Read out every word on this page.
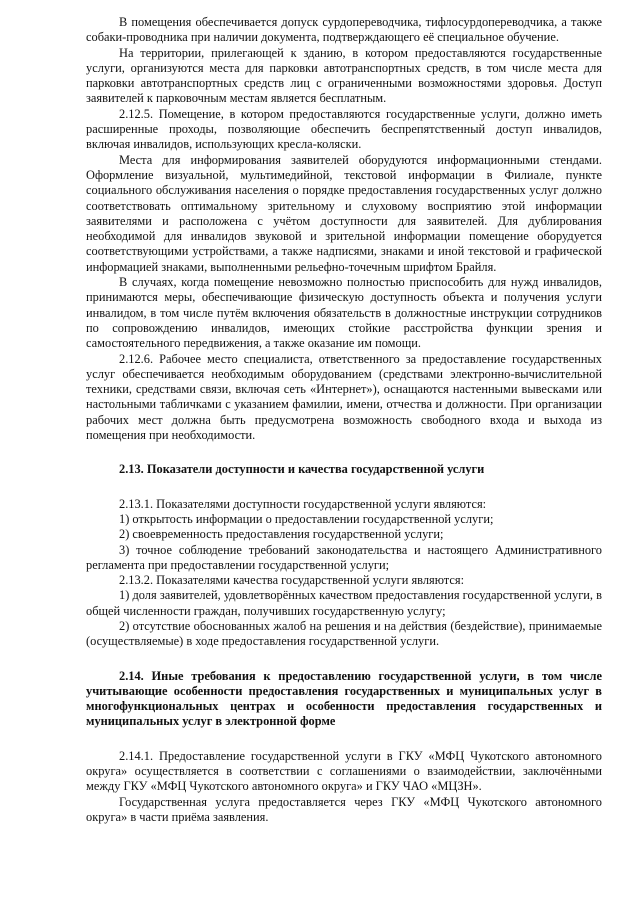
В помещения обеспечивается допуск сурдопереводчика, тифлосурдопереводчика, а также собаки-проводника при наличии документа, подтверждающего её специальное обучение.

На территории, прилегающей к зданию, в котором предоставляются государственные услуги, организуются места для парковки автотранспортных средств, в том числе места для парковки автотранспортных средств лиц с ограниченными возможностями здоровья. Доступ заявителей к парковочным местам является бесплатным.

2.12.5. Помещение, в котором предоставляются государственные услуги, должно иметь расширенные проходы, позволяющие обеспечить беспрепятственный доступ инвалидов, включая инвалидов, использующих кресла-коляски.

Места для информирования заявителей оборудуются информационными стендами. Оформление визуальной, мультимедийной, текстовой информации в Филиале, пункте социального обслуживания населения о порядке предоставления государственных услуг должно соответствовать оптимальному зрительному и слуховому восприятию этой информации заявителями и расположена с учётом доступности для заявителей. Для дублирования необходимой для инвалидов звуковой и зрительной информации помещение оборудуется соответствующими устройствами, а также надписями, знаками и иной текстовой и графической информацией знаками, выполненными рельефно-точечным шрифтом Брайля.

В случаях, когда помещение невозможно полностью приспособить для нужд инвалидов, принимаются меры, обеспечивающие физическую доступность объекта и получения услуги инвалидом, в том числе путём включения обязательств в должностные инструкции сотрудников по сопровождению инвалидов, имеющих стойкие расстройства функции зрения и самостоятельного передвижения, а также оказание им помощи.

2.12.6. Рабочее место специалиста, ответственного за предоставление государственных услуг обеспечивается необходимым оборудованием (средствами электронно-вычислительной техники, средствами связи, включая сеть «Интернет»), оснащаются настенными вывесками или настольными табличками с указанием фамилии, имени, отчества и должности. При организации рабочих мест должна быть предусмотрена возможность свободного входа и выхода из помещения при необходимости.

2.13. Показатели доступности и качества государственной услуги

2.13.1. Показателями доступности государственной услуги являются:

1) открытость информации о предоставлении государственной услуги;

2) своевременность предоставления государственной услуги;

3) точное соблюдение требований законодательства и настоящего Административного регламента при предоставлении государственной услуги;

2.13.2. Показателями качества государственной услуги являются:

1) доля заявителей, удовлетворённых качеством предоставления государственной услуги, в общей численности граждан, получивших государственную услугу;

2) отсутствие обоснованных жалоб на решения и на действия (бездействие), принимаемые (осуществляемые) в ходе предоставления государственной услуги.

2.14. Иные требования к предоставлению государственной услуги, в том числе учитывающие особенности предоставления государственных и муниципальных услуг в многофункциональных центрах и особенности предоставления государственных и муниципальных услуг в электронной форме

2.14.1. Предоставление государственной услуги в ГКУ «МФЦ Чукотского автономного округа» осуществляется в соответствии с соглашениями о взаимодействии, заключёнными между ГКУ «МФЦ Чукотского автономного округа» и ГКУ ЧАО «МЦЗН».

Государственная услуга предоставляется через ГКУ «МФЦ Чукотского автономного округа» в части приёма заявления.
